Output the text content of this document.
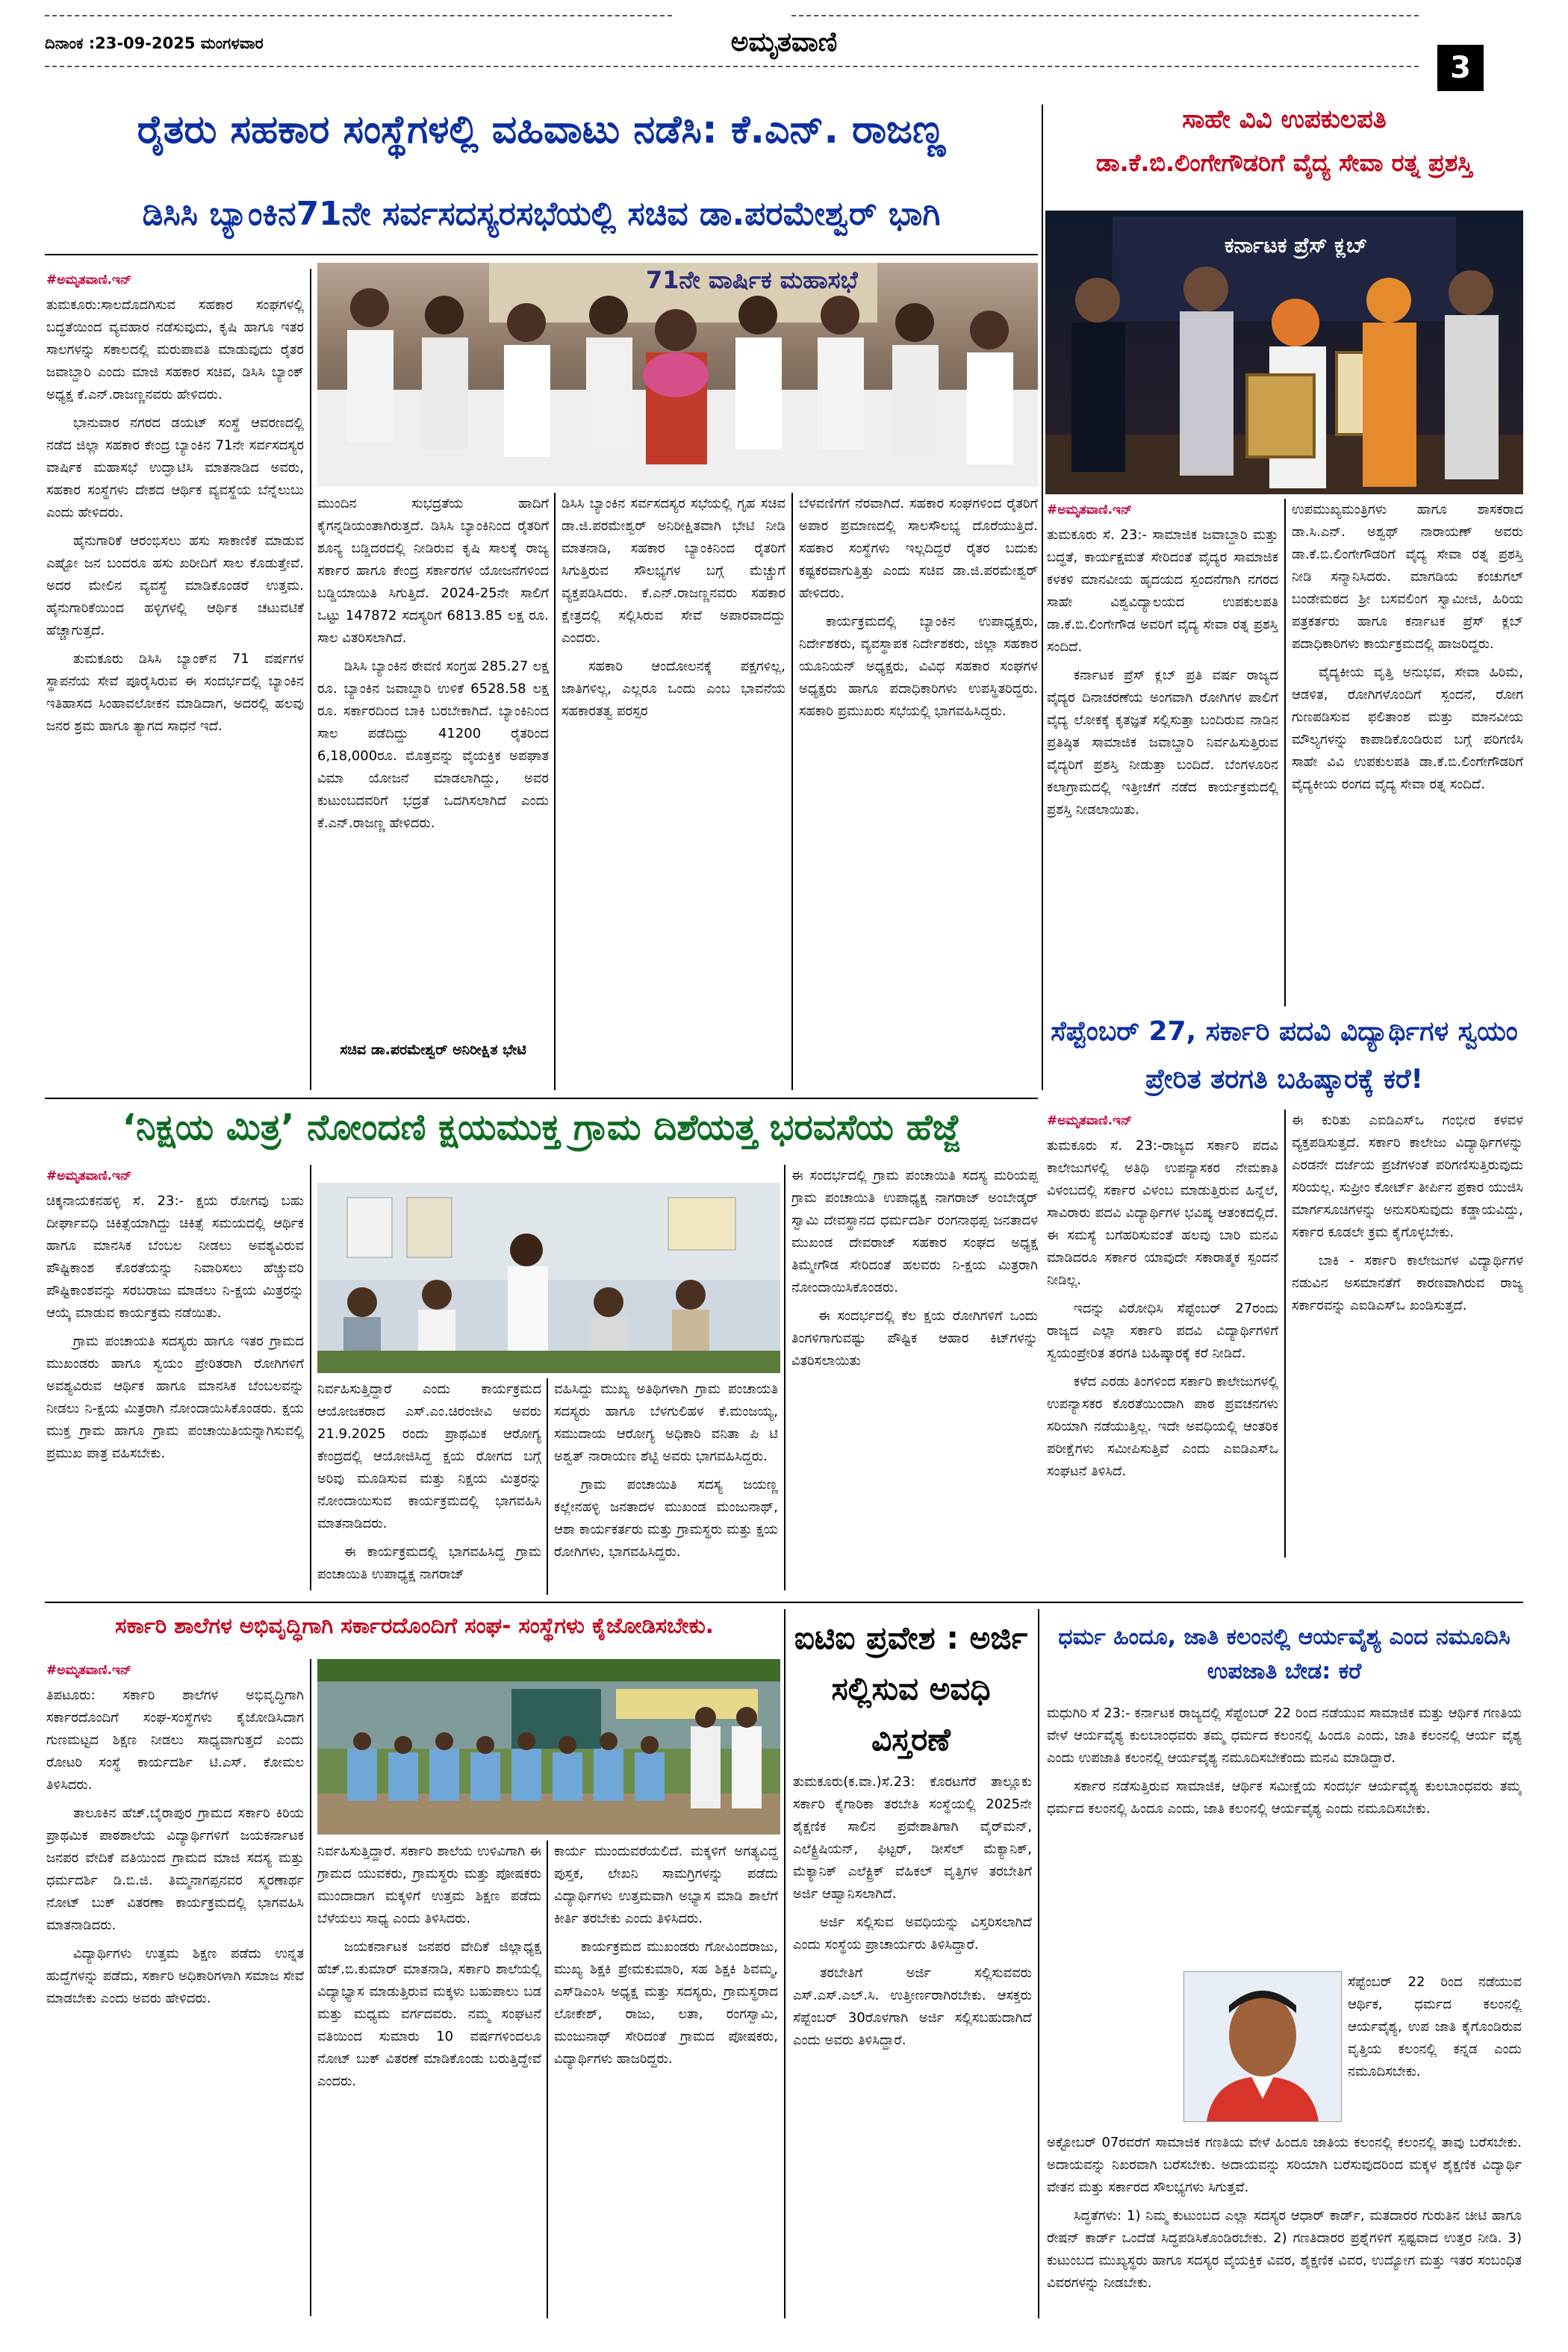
ದಿನಾಂಕ :23-09-2025 ಮಂಗಳವಾರ	ಅಮೃತವಾಣಿ
3
ರೈತರು ಸಹಕಾರ ಸಂಸ್ಥೆಗಳಲ್ಲಿ ವಹಿವಾಟು ನಡೆಸಿ: ಕೆ.ಎನ್. ರಾಜಣ್ಣ
ಡಿಸಿಸಿ ಬ್ಯಾಂಕಿನ71ನೇ ಸರ್ವಸದಸ್ಯರಸಭೆಯಲ್ಲಿ ಸಚಿವ ಡಾ.ಪರಮೇಶ್ವರ್ ಭಾಗಿ
#ಅಮೃತವಾಣಿ.ಇನ್

ತುಮಕೂರು:ಸಾಲದೊದಗಿಸುವ ಸಹಕಾರ ಸಂಘಗಳಲ್ಲಿ ಬದ್ಧತೆಯಿಂದ ವ್ಯವಹಾರ ನಡೆಸುವುದು, ಕೃಷಿ ಹಾಗೂ ಇತರ ಸಾಲಗಳನ್ನು ಸಕಾಲದಲ್ಲಿ ಮರುಪಾವತಿ ಮಾಡುವುದು ರೈತರ ಜವಾಬ್ದಾರಿ ಎಂದು ಮಾಜಿ ಸಹಕಾರ ಸಚಿವ, ಡಿಸಿಸಿ ಬ್ಯಾಂಕ್ ಅಧ್ಯಕ್ಷ ಕೆ.ಎನ್.ರಾಜಣ್ಣನವರು ಹೇಳಿದರು.

ಭಾನುವಾರ ನಗರದ ಡಯಟ್ ಸಂಸ್ಥೆ ಆವರಣದಲ್ಲಿ ನಡೆದ ಜಿಲ್ಲಾ ಸಹಕಾರ ಕೇಂದ್ರ ಬ್ಯಾಂಕಿನ 71ನೇ ಸರ್ವಸದಸ್ಯರ ವಾರ್ಷಿಕ ಮಹಾಸಭೆ ಉದ್ಘಾಟಿಸಿ ಮಾತನಾಡಿದ ಅವರು, ಸಹಕಾರ ಸಂಸ್ಥೆಗಳು ದೇಶದ ಆರ್ಥಿಕ ವ್ಯವಸ್ಥೆಯ ಬೆನ್ನೆಲುಬು ಎಂದು ಹೇಳಿದರು.

ಹೈನುಗಾರಿಕೆ ಆರಂಭಿಸಲು ಹಸು ಸಾಕಾಣಿಕೆ ಮಾಡುವ ಎಷ್ಟೋ ಜನ ಬಂದರೂ ಹಸು ಖರೀದಿಗೆ ಸಾಲ ಕೊಡುತ್ತೇವೆ. ಅದರ ಮೇಲಿನ ವ್ಯವಸ್ಥೆ ಮಾಡಿಕೊಂಡರೆ ಉತ್ತಮ. ಹೈನುಗಾರಿಕೆಯಿಂದ ಹಳ್ಳಿಗಳಲ್ಲಿ ಆರ್ಥಿಕ ಚಟುವಟಿಕೆ ಹೆಚ್ಚಾಗುತ್ತದೆ.

ತುಮಕೂರು ಡಿಸಿಸಿ ಬ್ಯಾಂಕ್‌ನ 71 ವರ್ಷಗಳ ಸ್ಥಾಪನೆಯ ಸೇವೆ ಪೂರೈಸಿರುವ ಈ ಸಂದರ್ಭದಲ್ಲಿ ಬ್ಯಾಂಕಿನ ಇತಿಹಾಸದ ಸಿಂಹಾವಲೋಕನ ಮಾಡಿದಾಗ, ಅದರಲ್ಲಿ ಹಲವು ಜನರ ಶ್ರಮ ಹಾಗೂ ತ್ಯಾಗದ ಸಾಧನೆ ಇದೆ.

71ನೇ ವಾರ್ಷಿಕ ಮಹಾಸಭೆ

ಮುಂದಿನ ಸುಭದ್ರತೆಯ ಹಾದಿಗೆ ಕೈಗನ್ನಡಿಯಂತಾಗಿರುತ್ತದೆ. ಡಿಸಿಸಿ ಬ್ಯಾಂಕಿನಿಂದ ರೈತರಿಗೆ ಶೂನ್ಯ ಬಡ್ಡಿದರದಲ್ಲಿ ನೀಡಿರುವ ಕೃಷಿ ಸಾಲಕ್ಕೆ ರಾಜ್ಯ ಸರ್ಕಾರ ಹಾಗೂ ಕೇಂದ್ರ ಸರ್ಕಾರಗಳ ಯೋಜನೆಗಳಿಂದ ಬಡ್ಡಿಯಾಯಿತಿ ಸಿಗುತ್ತಿದೆ. 2024-25ನೇ ಸಾಲಿಗೆ ಒಟ್ಟು 147872 ಸದಸ್ಯರಿಗೆ 6813.85 ಲಕ್ಷ ರೂ. ಸಾಲ ವಿತರಿಸಲಾಗಿದೆ.

ಡಿಸಿಸಿ ಬ್ಯಾಂಕಿನ ಠೇವಣಿ ಸಂಗ್ರಹ 285.27 ಲಕ್ಷ ರೂ. ಬ್ಯಾಂಕಿನ ಜವಾಬ್ದಾರಿ ಉಳಿಕೆ 6528.58 ಲಕ್ಷ ರೂ. ಸರ್ಕಾರದಿಂದ ಬಾಕಿ ಬರಬೇಕಾಗಿದೆ. ಬ್ಯಾಂಕಿನಿಂದ ಸಾಲ ಪಡೆದಿದ್ದು 41200 ರೈತರಿಂದ 6,18,000ರೂ. ಮೊತ್ತವನ್ನು ವೈಯಕ್ತಿಕ ಅಪಘಾತ ವಿಮಾ ಯೋಜನೆ ಮಾಡಲಾಗಿದ್ದು, ಅವರ ಕುಟುಂಬದವರಿಗೆ ಭದ್ರತೆ ಒದಗಿಸಲಾಗಿದೆ ಎಂದು ಕೆ.ಎನ್.ರಾಜಣ್ಣ ಹೇಳಿದರು.

ಸಚಿವ ಡಾ.ಪರಮೇಶ್ವರ್ ಅನಿರೀಕ್ಷಿತ ಭೇಟಿ

ಡಿಸಿಸಿ ಬ್ಯಾಂಕಿನ ಸರ್ವಸದಸ್ಯರ ಸಭೆಯಲ್ಲಿ ಗೃಹ ಸಚಿವ ಡಾ.ಜಿ.ಪರಮೇಶ್ವರ್ ಅನಿರೀಕ್ಷಿತವಾಗಿ ಭೇಟಿ ನೀಡಿ ಮಾತನಾಡಿ, ಸಹಕಾರ ಬ್ಯಾಂಕಿನಿಂದ ರೈತರಿಗೆ ಸಿಗುತ್ತಿರುವ ಸೌಲಭ್ಯಗಳ ಬಗ್ಗೆ ಮೆಚ್ಚುಗೆ ವ್ಯಕ್ತಪಡಿಸಿದರು. ಕೆ.ಎನ್.ರಾಜಣ್ಣನವರು ಸಹಕಾರ ಕ್ಷೇತ್ರದಲ್ಲಿ ಸಲ್ಲಿಸಿರುವ ಸೇವೆ ಅಪಾರವಾದದ್ದು ಎಂದರು.

ಸಹಕಾರಿ ಆಂದೋಲನಕ್ಕೆ ಪಕ್ಷಗಳಿಲ್ಲ, ಜಾತಿಗಳಿಲ್ಲ, ಎಲ್ಲರೂ ಒಂದು ಎಂಬ ಭಾವನೆಯ ಸಹಕಾರತತ್ವ ಪರಸ್ಪರ

ಬೆಳವಣಿಗೆಗೆ ನೆರವಾಗಿದೆ. ಸಹಕಾರ ಸಂಘಗಳಿಂದ ರೈತರಿಗೆ ಅಪಾರ ಪ್ರಮಾಣದಲ್ಲಿ ಸಾಲಸೌಲಭ್ಯ ದೊರೆಯುತ್ತಿದೆ. ಸಹಕಾರ ಸಂಸ್ಥೆಗಳು ಇಲ್ಲದಿದ್ದರೆ ರೈತರ ಬದುಕು ಕಷ್ಟಕರವಾಗುತ್ತಿತ್ತು ಎಂದು ಸಚಿವ ಡಾ.ಜಿ.ಪರಮೇಶ್ವರ್ ಹೇಳಿದರು.

ಕಾರ್ಯಕ್ರಮದಲ್ಲಿ ಬ್ಯಾಂಕಿನ ಉಪಾಧ್ಯಕ್ಷರು, ನಿರ್ದೇಶಕರು, ವ್ಯವಸ್ಥಾಪಕ ನಿರ್ದೇಶಕರು, ಜಿಲ್ಲಾ ಸಹಕಾರ ಯೂನಿಯನ್ ಅಧ್ಯಕ್ಷರು, ವಿವಿಧ ಸಹಕಾರ ಸಂಘಗಳ ಅಧ್ಯಕ್ಷರು ಹಾಗೂ ಪದಾಧಿಕಾರಿಗಳು ಉಪಸ್ಥಿತರಿದ್ದರು. ಸಹಕಾರಿ ಪ್ರಮುಖರು ಸಭೆಯಲ್ಲಿ ಭಾಗವಹಿಸಿದ್ದರು.

ಸಾಹೇ ವಿವಿ ಉಪಕುಲಪತಿ
ಡಾ.ಕೆ.ಬಿ.ಲಿಂಗೇಗೌಡರಿಗೆ ವೈದ್ಯ ಸೇವಾ ರತ್ನ ಪ್ರಶಸ್ತಿ
ಕರ್ನಾಟಕ ಪ್ರೆಸ್ ಕ್ಲಬ್
#ಅಮೃತವಾಣಿ.ಇನ್

ತುಮಕೂರು ಸೆ. 23:- ಸಾಮಾಜಿಕ ಜವಾಬ್ದಾರಿ ಮತ್ತು ಬದ್ಧತೆ, ಕಾರ್ಯಕ್ಷಮತೆ ಸೇರಿದಂತೆ ವೈದ್ಯರ ಸಾಮಾಜಿಕ ಕಳಕಳಿ ಮಾನವೀಯ ಹೃದಯದ ಸ್ಪಂದನೆಗಾಗಿ ನಗರದ ಸಾಹೇ ವಿಶ್ವವಿದ್ಯಾಲಯದ ಉಪಕುಲಪತಿ ಡಾ.ಕೆ.ಬಿ.ಲಿಂಗೇಗೌಡ ಅವರಿಗೆ ವೈದ್ಯ ಸೇವಾ ರತ್ನ ಪ್ರಶಸ್ತಿ ಸಂದಿದೆ.

ಕರ್ನಾಟಕ ಪ್ರೆಸ್ ಕ್ಲಬ್ ಪ್ರತಿ ವರ್ಷ ರಾಜ್ಯದ ವೈದ್ಯರ ದಿನಾಚರಣೆಯ ಅಂಗವಾಗಿ ರೋಗಿಗಳ ಪಾಲಿಗೆ ವೈದ್ಯ ಲೋಕಕ್ಕೆ ಕೃತಜ್ಞತೆ ಸಲ್ಲಿಸುತ್ತಾ ಬಂದಿರುವ ನಾಡಿನ ಪ್ರತಿಷ್ಠಿತ ಸಾಮಾಜಿಕ ಜವಾಬ್ದಾರಿ ನಿರ್ವಹಿಸುತ್ತಿರುವ ವೈದ್ಯರಿಗೆ ಪ್ರಶಸ್ತಿ ನೀಡುತ್ತಾ ಬಂದಿದೆ. ಬೆಂಗಳೂರಿನ ಕಲಾಗ್ರಾಮದಲ್ಲಿ ಇತ್ತೀಚೆಗೆ ನಡೆದ ಕಾರ್ಯಕ್ರಮದಲ್ಲಿ ಪ್ರಶಸ್ತಿ ನೀಡಲಾಯಿತು.

ಉಪಮುಖ್ಯಮಂತ್ರಿಗಳು ಹಾಗೂ ಶಾಸಕರಾದ ಡಾ.ಸಿ.ಎನ್. ಅಶ್ವಥ್ ನಾರಾಯಣ್ ಅವರು ಡಾ.ಕೆ.ಬಿ.ಲಿಂಗೇಗೌಡರಿಗೆ ವೈದ್ಯ ಸೇವಾ ರತ್ನ ಪ್ರಶಸ್ತಿ ನೀಡಿ ಸನ್ಮಾನಿಸಿದರು. ಮಾಗಡಿಯ ಕಂಚುಗಲ್ ಬಂಡೇಮಠದ ಶ್ರೀ ಬಸವಲಿಂಗ ಸ್ವಾಮೀಜಿ, ಹಿರಿಯ ಪತ್ರಕರ್ತರು ಹಾಗೂ ಕರ್ನಾಟಕ ಪ್ರೆಸ್ ಕ್ಲಬ್ ಪದಾಧಿಕಾರಿಗಳು ಕಾರ್ಯಕ್ರಮದಲ್ಲಿ ಹಾಜರಿದ್ದರು.

ವೈದ್ಯಕೀಯ ವೃತ್ತಿ ಅನುಭವ, ಸೇವಾ ಹಿರಿಮೆ, ಆಡಳಿತ, ರೋಗಿಗಳೊಂದಿಗೆ ಸ್ಪಂದನೆ, ರೋಗ ಗುಣಪಡಿಸುವ ಫಲಿತಾಂಶ ಮತ್ತು ಮಾನವೀಯ ಮೌಲ್ಯಗಳನ್ನು ಕಾಪಾಡಿಕೊಂಡಿರುವ ಬಗ್ಗೆ ಪರಿಗಣಿಸಿ ಸಾಹೇ ವಿವಿ ಉಪಕುಲಪತಿ ಡಾ.ಕೆ.ಬಿ.ಲಿಂಗೇಗೌಡರಿಗೆ ವೈದ್ಯಕೀಯ ರಂಗದ ವೈದ್ಯ ಸೇವಾ ರತ್ನ ಸಂದಿದೆ.

ಸೆಪ್ಟೆಂಬರ್ 27, ಸರ್ಕಾರಿ ಪದವಿ ವಿದ್ಯಾರ್ಥಿಗಳ ಸ್ವಯಂ ಪ್ರೇರಿತ ತರಗತಿ ಬಹಿಷ್ಕಾರಕ್ಕೆ ಕರೆ!
#ಅಮೃತವಾಣಿ.ಇನ್

ತುಮಕೂರು ಸೆ. 23:-ರಾಜ್ಯದ ಸರ್ಕಾರಿ ಪದವಿ ಕಾಲೇಜುಗಳಲ್ಲಿ ಅತಿಥಿ ಉಪನ್ಯಾಸಕರ ನೇಮಕಾತಿ ವಿಳಂಬದಲ್ಲಿ ಸರ್ಕಾರ ವಿಳಂಬ ಮಾಡುತ್ತಿರುವ ಹಿನ್ನೆಲೆ, ಸಾವಿರಾರು ಪದವಿ ವಿದ್ಯಾರ್ಥಿಗಳ ಭವಿಷ್ಯ ಆತಂಕದಲ್ಲಿದೆ. ಈ ಸಮಸ್ಯೆ ಬಗೆಹರಿಸುವಂತೆ ಹಲವು ಬಾರಿ ಮನವಿ ಮಾಡಿದರೂ ಸರ್ಕಾರ ಯಾವುದೇ ಸಕಾರಾತ್ಮಕ ಸ್ಪಂದನೆ ನೀಡಿಲ್ಲ.

ಇದನ್ನು ವಿರೋಧಿಸಿ ಸೆಪ್ಟೆಂಬರ್ 27ರಂದು ರಾಜ್ಯದ ಎಲ್ಲಾ ಸರ್ಕಾರಿ ಪದವಿ ವಿದ್ಯಾರ್ಥಿಗಳಿಗೆ ಸ್ವಯಂಪ್ರೇರಿತ ತರಗತಿ ಬಹಿಷ್ಕಾರಕ್ಕೆ ಕರೆ ನೀಡಿದೆ.

ಕಳೆದ ಎರಡು ತಿಂಗಳಿಂದ ಸರ್ಕಾರಿ ಕಾಲೇಜುಗಳಲ್ಲಿ ಉಪನ್ಯಾಸಕರ ಕೊರತೆಯಿಂದಾಗಿ ಪಾಠ ಪ್ರವಚನಗಳು ಸರಿಯಾಗಿ ನಡೆಯುತ್ತಿಲ್ಲ. ಇದೇ ಅವಧಿಯಲ್ಲಿ ಆಂತರಿಕ ಪರೀಕ್ಷೆಗಳು ಸಮೀಪಿಸುತ್ತಿವೆ ಎಂದು ಎಐಡಿಎಸ್‌ಒ ಸಂಘಟನೆ ತಿಳಿಸಿದೆ.

ಈ ಕುರಿತು ಎಐಡಿಎಸ್‌ಒ ಗಂಭೀರ ಕಳವಳ ವ್ಯಕ್ತಪಡಿಸುತ್ತದೆ. ಸರ್ಕಾರಿ ಕಾಲೇಜು ವಿದ್ಯಾರ್ಥಿಗಳನ್ನು ಎರಡನೇ ದರ್ಜೆಯ ಪ್ರಜೆಗಳಂತೆ ಪರಿಗಣಿಸುತ್ತಿರುವುದು ಸರಿಯಲ್ಲ. ಸುಪ್ರೀಂ ಕೋರ್ಟ್ ತೀರ್ಪಿನ ಪ್ರಕಾರ ಯುಜಿಸಿ ಮಾರ್ಗಸೂಚಿಗಳನ್ನು ಅನುಸರಿಸುವುದು ಕಡ್ಡಾಯವಿದ್ದು, ಸರ್ಕಾರ ಕೂಡಲೇ ಕ್ರಮ ಕೈಗೊಳ್ಳಬೇಕು.

ಬಾಕಿ - ಸರ್ಕಾರಿ ಕಾಲೇಜುಗಳ ವಿದ್ಯಾರ್ಥಿಗಳ ನಡುವಿನ ಅಸಮಾನತೆಗೆ ಕಾರಣವಾಗಿರುವ ರಾಜ್ಯ ಸರ್ಕಾರವನ್ನು ಎಐಡಿಎಸ್‌ಒ ಖಂಡಿಸುತ್ತದೆ.

‘ನಿಕ್ಷಯ ಮಿತ್ರ’ ನೋಂದಣಿ ಕ್ಷಯಮುಕ್ತ ಗ್ರಾಮ ದಿಶೆಯತ್ತ ಭರವಸೆಯ ಹೆಜ್ಜೆ
#ಅಮೃತವಾಣಿ.ಇನ್

ಚಿಕ್ಕನಾಯಕನಹಳ್ಳಿ ಸೆ. 23:- ಕ್ಷಯ ರೋಗವು ಬಹು ದೀರ್ಘಾವಧಿ ಚಿಕಿತ್ಸೆಯಾಗಿದ್ದು ಚಿಕಿತ್ಸೆ ಸಮಯದಲ್ಲಿ ಆರ್ಥಿಕ ಹಾಗೂ ಮಾನಸಿಕ ಬೆಂಬಲ ನೀಡಲು ಅವಶ್ಯವಿರುವ ಪೌಷ್ಟಿಕಾಂಶ ಕೊರತೆಯನ್ನು ನಿವಾರಿಸಲು ಹೆಚ್ಚುವರಿ ಪೌಷ್ಟಿಕಾಂಶವನ್ನು ಸರಬರಾಜು ಮಾಡಲು ನಿ-ಕ್ಷಯ ಮಿತ್ರರನ್ನು ಆಯ್ಕೆ ಮಾಡುವ ಕಾರ್ಯಕ್ರಮ ನಡೆಯಿತು.

ಗ್ರಾಮ ಪಂಚಾಯತಿ ಸದಸ್ಯರು ಹಾಗೂ ಇತರ ಗ್ರಾಮದ ಮುಖಂಡರು ಹಾಗೂ ಸ್ವಯಂ ಪ್ರೇರಿತರಾಗಿ ರೋಗಿಗಳಿಗೆ ಅವಶ್ಯವಿರುವ ಆರ್ಥಿಕ ಹಾಗೂ ಮಾನಸಿಕ ಬೆಂಬಲವನ್ನು ನೀಡಲು ನಿ-ಕ್ಷಯ ಮಿತ್ರರಾಗಿ ನೋಂದಾಯಿಸಿಕೊಂಡರು. ಕ್ಷಯ ಮುಕ್ತ ಗ್ರಾಮ ಹಾಗೂ ಗ್ರಾಮ ಪಂಚಾಯಿತಿಯನ್ನಾಗಿಸುವಲ್ಲಿ ಪ್ರಮುಖ ಪಾತ್ರ ವಹಿಸಬೇಕು.

ನಿರ್ವಹಿಸುತ್ತಿದ್ದಾರೆ ಎಂದು ಕಾರ್ಯಕ್ರಮದ ಆಯೋಜಕರಾದ ಎಸ್.ಎಂ.ಚಿರಂಜೀವಿ ಅವರು 21.9.2025 ರಂದು ಪ್ರಾಥಮಿಕ ಆರೋಗ್ಯ ಕೇಂದ್ರದಲ್ಲಿ ಆಯೋಜಿಸಿದ್ದ ಕ್ಷಯ ರೋಗದ ಬಗ್ಗೆ ಅರಿವು ಮೂಡಿಸುವ ಮತ್ತು ನಿಕ್ಷಯ ಮಿತ್ರರನ್ನು ನೋಂದಾಯಿಸುವ ಕಾರ್ಯಕ್ರಮದಲ್ಲಿ ಭಾಗವಹಿಸಿ ಮಾತನಾಡಿದರು.

ಈ ಕಾರ್ಯಕ್ರಮದಲ್ಲಿ ಭಾಗವಹಿಸಿದ್ದ ಗ್ರಾಮ ಪಂಚಾಯಿತಿ ಉಪಾಧ್ಯಕ್ಷ ನಾಗರಾಜ್

ವಹಿಸಿದ್ದು ಮುಖ್ಯ ಅತಿಥಿಗಳಾಗಿ ಗ್ರಾಮ ಪಂಚಾಯತಿ ಸದಸ್ಯರು ಹಾಗೂ ಬೆಳಗುಲಿಹಳ ಕೆ.ಮಂಜಯ್ಯ, ಸಮುದಾಯ ಆರೋಗ್ಯ ಅಧಿಕಾರಿ ವನಿತಾ ಪಿ ಟಿ ಅಶ್ವತ್ ನಾರಾಯಣ ಶೆಟ್ಟಿ ಅವರು ಭಾಗವಹಿಸಿದ್ದರು.

ಗ್ರಾಮ ಪಂಚಾಯಿತಿ ಸದಸ್ಯ ಜಯಣ್ಣ ಕಲ್ಲೇನಹಳ್ಳಿ ಜನತಾದಳ ಮುಖಂಡ ಮಂಜುನಾಥ್, ಆಶಾ ಕಾರ್ಯಕರ್ತರು ಮತ್ತು ಗ್ರಾಮಸ್ಥರು ಮತ್ತು ಕ್ಷಯ ರೋಗಿಗಳು, ಭಾಗವಹಿಸಿದ್ದರು.

ಈ ಸಂದರ್ಭದಲ್ಲಿ ಗ್ರಾಮ ಪಂಚಾಯಿತಿ ಸದಸ್ಯ ಮರಿಯಪ್ಪ ಗ್ರಾಮ ಪಂಚಾಯಿತಿ ಉಪಾಧ್ಯಕ್ಷ ನಾಗರಾಜ್ ಅಂಬೇಡ್ಕರ್ ಸ್ವಾಮಿ ದೇವಸ್ಥಾನದ ಧರ್ಮದರ್ಶಿ ರಂಗನಾಥಪ್ಪ ಜನತಾದಳ ಮುಖಂಡ ದೇವರಾಜ್ ಸಹಕಾರ ಸಂಘದ ಅಧ್ಯಕ್ಷ ತಿಮ್ಮೇಗೌಡ ಸೇರಿದಂತೆ ಹಲವರು ನಿ-ಕ್ಷಯ ಮಿತ್ರರಾಗಿ ನೋಂದಾಯಿಸಿಕೊಂಡರು.

ಈ ಸಂದರ್ಭದಲ್ಲಿ ಕೆಲ ಕ್ಷಯ ರೋಗಿಗಳಿಗೆ ಒಂದು ತಿಂಗಳಿಗಾಗುವಷ್ಟು ಪೌಷ್ಟಿಕ ಆಹಾರ ಕಿಟ್‌ಗಳನ್ನು ವಿತರಿಸಲಾಯಿತು

ಸರ್ಕಾರಿ ಶಾಲೆಗಳ ಅಭಿವೃದ್ಧಿಗಾಗಿ ಸರ್ಕಾರದೊಂದಿಗೆ ಸಂಘ- ಸಂಸ್ಥೆಗಳು ಕೈಜೋಡಿಸಬೇಕು.
#ಅಮೃತವಾಣಿ.ಇನ್

ತಿಪಟೂರು: ಸರ್ಕಾರಿ ಶಾಲೆಗಳ ಅಭಿವೃದ್ಧಿಗಾಗಿ ಸರ್ಕಾರದೊಂದಿಗೆ ಸಂಘ-ಸಂಸ್ಥೆಗಳು ಕೈಜೋಡಿಸಿದಾಗ ಗುಣಮಟ್ಟದ ಶಿಕ್ಷಣ ನೀಡಲು ಸಾಧ್ಯವಾಗುತ್ತದೆ ಎಂದು ರೋಟರಿ ಸಂಸ್ಥೆ ಕಾರ್ಯದರ್ಶಿ ಟಿ.ಎಸ್. ಕೋಮಲ ತಿಳಿಸಿದರು.

ತಾಲೂಕಿನ ಹೆಚ್.ಬೈರಾಪುರ ಗ್ರಾಮದ ಸರ್ಕಾರಿ ಕಿರಿಯ ಪ್ರಾಥಮಿಕ ಪಾಠಶಾಲೆಯ ವಿದ್ಯಾರ್ಥಿಗಳಿಗೆ ಜಯಕರ್ನಾಟಕ ಜನಪರ ವೇದಿಕೆ ವತಿಯಿಂದ ಗ್ರಾಮದ ಮಾಜಿ ಸದಸ್ಯ ಮತ್ತು ಧರ್ಮದರ್ಶಿ ಡಿ.ಬಿ.ಜಿ. ತಿಮ್ಮನಾಗಪ್ಪನವರ ಸ್ಮರಣಾರ್ಥ ನೋಟ್ ಬುಕ್ ವಿತರಣಾ ಕಾರ್ಯಕ್ರಮದಲ್ಲಿ ಭಾಗವಹಿಸಿ ಮಾತನಾಡಿದರು.

ವಿದ್ಯಾರ್ಥಿಗಳು ಉತ್ತಮ ಶಿಕ್ಷಣ ಪಡೆದು ಉನ್ನತ ಹುದ್ದೆಗಳನ್ನು ಪಡೆದು, ಸರ್ಕಾರಿ ಅಧಿಕಾರಿಗಳಾಗಿ ಸಮಾಜ ಸೇವೆ ಮಾಡಬೇಕು ಎಂದು ಅವರು ಹೇಳಿದರು.

ನಿರ್ವಹಿಸುತ್ತಿದ್ದಾರೆ. ಸರ್ಕಾರಿ ಶಾಲೆಯ ಉಳಿವಿಗಾಗಿ ಈ ಗ್ರಾಮದ ಯುವಕರು, ಗ್ರಾಮಸ್ಥರು ಮತ್ತು ಪೋಷಕರು ಮುಂದಾದಾಗ ಮಕ್ಕಳಿಗೆ ಉತ್ತಮ ಶಿಕ್ಷಣ ಪಡೆದು ಬೆಳೆಯಲು ಸಾಧ್ಯ ಎಂದು ತಿಳಿಸಿದರು.

ಜಯಕರ್ನಾಟಕ ಜನಪರ ವೇದಿಕೆ ಜಿಲ್ಲಾಧ್ಯಕ್ಷ ಹೆಚ್.ಬಿ.ಕುಮಾರ್ ಮಾತನಾಡಿ, ಸರ್ಕಾರಿ ಶಾಲೆಯಲ್ಲಿ ವಿದ್ಯಾಭ್ಯಾಸ ಮಾಡುತ್ತಿರುವ ಮಕ್ಕಳು ಬಹುಪಾಲು ಬಡ ಮತ್ತು ಮಧ್ಯಮ ವರ್ಗದವರು. ನಮ್ಮ ಸಂಘಟನೆ ವತಿಯಿಂದ ಸುಮಾರು 10 ವರ್ಷಗಳಿಂದಲೂ ನೋಟ್ ಬುಕ್ ವಿತರಣೆ ಮಾಡಿಕೊಂಡು ಬರುತ್ತಿದ್ದೇವೆ ಎಂದರು.

ಕಾರ್ಯ ಮುಂದುವರೆಯಲಿದೆ. ಮಕ್ಕಳಿಗೆ ಅಗತ್ಯವಿದ್ದ ಪುಸ್ತಕ, ಲೇಖನಿ ಸಾಮಗ್ರಿಗಳನ್ನು ಪಡೆದು ವಿದ್ಯಾರ್ಥಿಗಳು ಉತ್ತಮವಾಗಿ ಅಭ್ಯಾಸ ಮಾಡಿ ಶಾಲೆಗೆ ಕೀರ್ತಿ ತರಬೇಕು ಎಂದು ತಿಳಿಸಿದರು.

ಕಾರ್ಯಕ್ರಮದ ಮುಖಂಡರು ಗೋವಿಂದರಾಜು, ಮುಖ್ಯ ಶಿಕ್ಷಕಿ ಪ್ರೇಮಕುಮಾರಿ, ಸಹ ಶಿಕ್ಷಕಿ ಶಿವಮ್ಮ, ಎಸ್‌ಡಿಎಂಸಿ ಅಧ್ಯಕ್ಷ ಮತ್ತು ಸದಸ್ಯರು, ಗ್ರಾಮಸ್ಥರಾದ ಲೋಕೇಶ್, ರಾಜು, ಲತಾ, ರಂಗಸ್ವಾಮಿ, ಮಂಜುನಾಥ್ ಸೇರಿದಂತೆ ಗ್ರಾಮದ ಪೋಷಕರು, ವಿದ್ಯಾರ್ಥಿಗಳು ಹಾಜರಿದ್ದರು.

ಐಟಿಐ ಪ್ರವೇಶ : ಅರ್ಜಿ ಸಲ್ಲಿಸುವ ಅವಧಿ ವಿಸ್ತರಣೆ

ತುಮಕೂರು(ಕ.ವಾ.)ಸೆ.23: ಕೊರಟಗೆರೆ ತಾಲ್ಲೂಕು ಸರ್ಕಾರಿ ಕೈಗಾರಿಕಾ ತರಬೇತಿ ಸಂಸ್ಥೆಯಲ್ಲಿ 2025ನೇ ಶೈಕ್ಷಣಿಕ ಸಾಲಿನ ಪ್ರವೇಶಾತಿಗಾಗಿ ವೈರ್‌ಮನ್, ಎಲೆಕ್ಟ್ರಿಷಿಯನ್, ಫಿಟ್ಟರ್, ಡೀಸೆಲ್ ಮೆಕ್ಯಾನಿಕ್, ಮೆಕ್ಯಾನಿಕ್ ಎಲೆಕ್ಟ್ರಿಕ್ ವೆಹಿಕಲ್ ವೃತ್ತಿಗಳ ತರಬೇತಿಗೆ ಅರ್ಜಿ ಆಹ್ವಾನಿಸಲಾಗಿದೆ.

ಅರ್ಜಿ ಸಲ್ಲಿಸುವ ಅವಧಿಯನ್ನು ವಿಸ್ತರಿಸಲಾಗಿದೆ ಎಂದು ಸಂಸ್ಥೆಯ ಪ್ರಾಚಾರ್ಯರು ತಿಳಿಸಿದ್ದಾರೆ.

ತರಬೇತಿಗೆ ಅರ್ಜಿ ಸಲ್ಲಿಸುವವರು ಎಸ್.ಎಸ್.ಎಲ್.ಸಿ. ಉತ್ತೀರ್ಣರಾಗಿರಬೇಕು. ಆಸಕ್ತರು ಸೆಪ್ಟೆಂಬರ್ 30ರೊಳಗಾಗಿ ಅರ್ಜಿ ಸಲ್ಲಿಸಬಹುದಾಗಿದೆ ಎಂದು ಅವರು ತಿಳಿಸಿದ್ದಾರೆ.

ಧರ್ಮ ಹಿಂದೂ, ಜಾತಿ ಕಲಂನಲ್ಲಿ ಆರ್ಯವೈಶ್ಯ ಎಂದ ನಮೂದಿಸಿ ಉಪಜಾತಿ ಬೇಡ: ಕರೆ

ಮಧುಗಿರಿ ಸೆ 23:- ಕರ್ನಾಟಕ ರಾಜ್ಯದಲ್ಲಿ ಸೆಪ್ಟೆಂಬರ್ 22 ರಿಂದ ನಡೆಯುವ ಸಾಮಾಜಿಕ ಮತ್ತು ಆರ್ಥಿಕ ಗಣತಿಯ ವೇಳೆ ಆರ್ಯವೈಶ್ಯ ಕುಲಬಾಂಧವರು ತಮ್ಮ ಧರ್ಮದ ಕಲಂನಲ್ಲಿ ಹಿಂದೂ ಎಂದು, ಜಾತಿ ಕಲಂನಲ್ಲಿ ಆರ್ಯ ವೈಶ್ಯ ಎಂದು ಉಪಜಾತಿ ಕಲಂನಲ್ಲಿ ಆರ್ಯವೈಶ್ಯ ನಮೂದಿಸಬೇಕೆಂದು ಮನವಿ ಮಾಡಿದ್ದಾರೆ.

ಸರ್ಕಾರ ನಡೆಸುತ್ತಿರುವ ಸಾಮಾಜಿಕ, ಆರ್ಥಿಕ ಸಮೀಕ್ಷೆಯ ಸಂದರ್ಭ ಆರ್ಯವೈಶ್ಯ ಕುಲಬಾಂಧವರು ತಮ್ಮ ಧರ್ಮದ ಕಲಂನಲ್ಲಿ ಹಿಂದೂ ಎಂದು, ಜಾತಿ ಕಲಂನಲ್ಲಿ ಆರ್ಯವೈಶ್ಯ ಎಂದು ನಮೂದಿಸಬೇಕು.

ಸೆಪ್ಟೆಂಬರ್ 22 ರಿಂದ ನಡೆಯುವ ಆರ್ಥಿಕ, ಧರ್ಮದ ಕಲಂನಲ್ಲಿ ಆರ್ಯವೈಶ್ಯ, ಉಪ ಜಾತಿ ಕೈಗೊಂಡಿರುವ ವೃತ್ತಿಯ ಕಲಂನಲ್ಲಿ ಕನ್ನಡ ಎಂದು ನಮೂದಿಸಬೇಕು.

ಅಕ್ಟೋಬರ್ 07ರವರೆಗೆ ಸಾಮಾಜಿಕ ಗಣತಿಯ ವೇಳೆ ಹಿಂದೂ ಜಾತಿಯ ಕಲಂನಲ್ಲಿ ಕಲಂನಲ್ಲಿ ತಾವು ಬರೆಸಬೇಕು. ಅದಾಯವನ್ನು ನಿಖರವಾಗಿ ಬರೆಸಬೇಕು. ಅದಾಯವನ್ನು ಸರಿಯಾಗಿ ಬರೆಸುವುದರಿಂದ ಮಕ್ಕಳ ಶೈಕ್ಷಣಿಕ ವಿದ್ಯಾರ್ಥಿ ವೇತನ ಮತ್ತು ಸರ್ಕಾರದ ಸೌಲಭ್ಯಗಳು ಸಿಗುತ್ತವೆ.

ಸಿದ್ಧತೆಗಳು: 1) ನಿಮ್ಮ ಕುಟುಂಬದ ಎಲ್ಲಾ ಸದಸ್ಯರ ಆಧಾರ್ ಕಾರ್ಡ್, ಮತದಾರರ ಗುರುತಿನ ಚೀಟಿ ಹಾಗೂ ರೇಷನ್ ಕಾರ್ಡ್ ಒಂದೆಡೆ ಸಿದ್ಧಪಡಿಸಿಕೊಂಡಿರಬೇಕು. 2) ಗಣತಿದಾರರ ಪ್ರಶ್ನೆಗಳಿಗೆ ಸ್ಪಷ್ಟವಾದ ಉತ್ತರ ನೀಡಿ. 3) ಕುಟುಂಬದ ಮುಖ್ಯಸ್ಥರು ಹಾಗೂ ಸದಸ್ಯರ ವೈಯಕ್ತಿಕ ವಿವರ, ಶೈಕ್ಷಣಿಕ ವಿವರ, ಉದ್ಯೋಗ ಮತ್ತು ಇತರ ಸಂಬಂಧಿತ ವಿವರಗಳನ್ನು ನೀಡಬೇಕು.
